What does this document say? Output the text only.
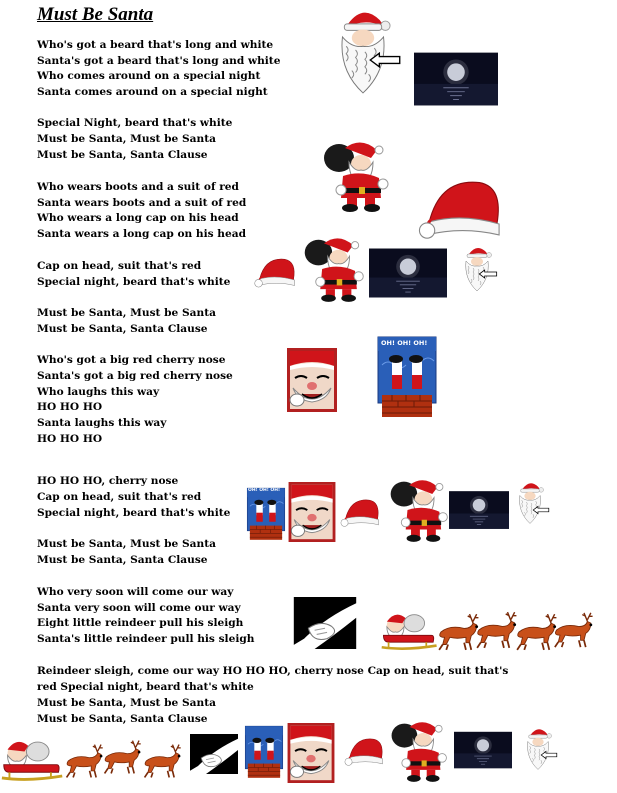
Must Be Santa
Who's got a beard that's long and white
Santa's got a beard that's long and white
Who comes around on a special night
Santa comes around on a special night
Special Night, beard that's white
Must be Santa, Must be Santa
Must be Santa, Santa Clause
Who wears boots and a suit of red
Santa wears boots and a suit of red
Who wears a long cap on his head
Santa wears a long cap on his head
Cap on head, suit that's red
Special night, beard that's white
Must be Santa, Must be Santa
Must be Santa, Santa Clause
Who's got a big red cherry nose
Santa's got a big red cherry nose
Who laughs this way
HO HO HO
Santa laughs this way
HO HO HO
HO HO HO, cherry nose
Cap on head, suit that's red
Special night, beard that's white
Must be Santa, Must be Santa
Must be Santa, Santa Clause
Who very soon will come our way
Santa very soon will come our way
Eight little reindeer pull his sleigh
Santa's little reindeer pull his sleigh
Reindeer sleigh, come our way HO HO HO, cherry nose Cap on head, suit that's
red Special night, beard that's white
Must be Santa, Must be Santa
Must be Santa, Santa Clause
OH! OH! OH!
OH! OH! OH!
